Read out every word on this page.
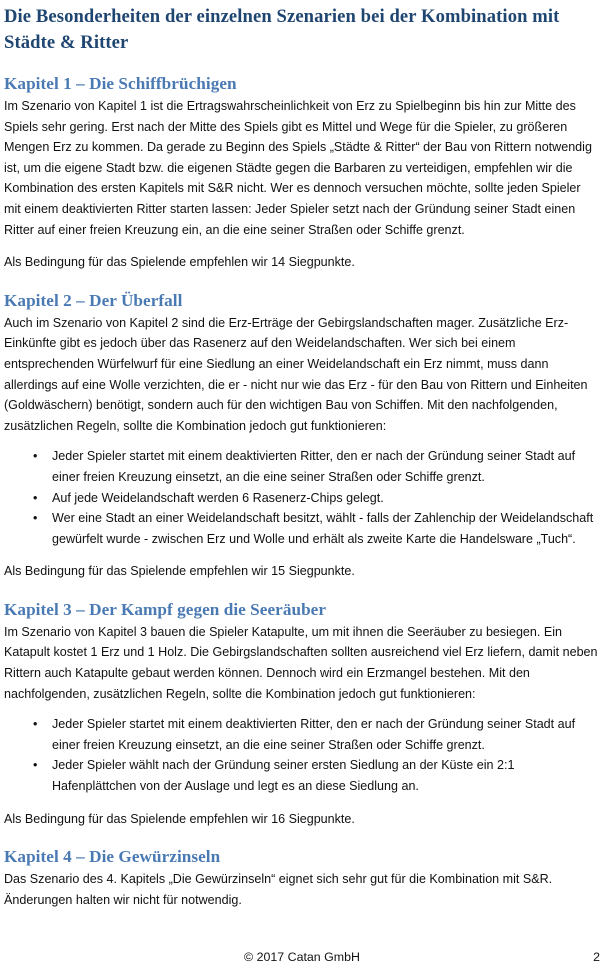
Die Besonderheiten der einzelnen Szenarien bei der Kombination mit Städte & Ritter
Kapitel 1 – Die Schiffbrüchigen

Im Szenario von Kapitel 1 ist die Ertragswahrscheinlichkeit von Erz zu Spielbeginn bis hin zur Mitte des Spiels sehr gering. Erst nach der Mitte des Spiels gibt es Mittel und Wege für die Spieler, zu größeren Mengen Erz zu kommen. Da gerade zu Beginn des Spiels „Städte & Ritter“ der Bau von Rittern notwendig ist, um die eigene Stadt bzw. die eigenen Städte gegen die Barbaren zu verteidigen, empfehlen wir die Kombination des ersten Kapitels mit S&R nicht. Wer es dennoch versuchen möchte, sollte jeden Spieler mit einem deaktivierten Ritter starten lassen: Jeder Spieler setzt nach der Gründung seiner Stadt einen Ritter auf einer freien Kreuzung ein, an die eine seiner Straßen oder Schiffe grenzt.

Als Bedingung für das Spielende empfehlen wir 14 Siegpunkte.

Kapitel 2 – Der Überfall

Auch im Szenario von Kapitel 2 sind die Erz-Erträge der Gebirgslandschaften mager. Zusätzliche Erz-Einkünfte gibt es jedoch über das Rasenerz auf den Weidelandschaften. Wer sich bei einem entsprechenden Würfelwurf für eine Siedlung an einer Weidelandschaft ein Erz nimmt, muss dann allerdings auf eine Wolle verzichten, die er - nicht nur wie das Erz - für den Bau von Rittern und Einheiten (Goldwäschern) benötigt, sondern auch für den wichtigen Bau von Schiffen. Mit den nachfolgenden, zusätzlichen Regeln, sollte die Kombination jedoch gut funktionieren:

• Jeder Spieler startet mit einem deaktivierten Ritter, den er nach der Gründung seiner Stadt auf einer freien Kreuzung einsetzt, an die eine seiner Straßen oder Schiffe grenzt.
• Auf jede Weidelandschaft werden 6 Rasenerz-Chips gelegt.
• Wer eine Stadt an einer Weidelandschaft besitzt, wählt - falls der Zahlenchip der Weidelandschaft gewürfelt wurde - zwischen Erz und Wolle und erhält als zweite Karte die Handelsware „Tuch“.

Als Bedingung für das Spielende empfehlen wir 15 Siegpunkte.

Kapitel 3 – Der Kampf gegen die Seeräuber

Im Szenario von Kapitel 3 bauen die Spieler Katapulte, um mit ihnen die Seeräuber zu besiegen. Ein Katapult kostet 1 Erz und 1 Holz. Die Gebirgslandschaften sollten ausreichend viel Erz liefern, damit neben Rittern auch Katapulte gebaut werden können. Dennoch wird ein Erzmangel bestehen. Mit den nachfolgenden, zusätzlichen Regeln, sollte die Kombination jedoch gut funktionieren:

• Jeder Spieler startet mit einem deaktivierten Ritter, den er nach der Gründung seiner Stadt auf einer freien Kreuzung einsetzt, an die eine seiner Straßen oder Schiffe grenzt.
• Jeder Spieler wählt nach der Gründung seiner ersten Siedlung an der Küste ein 2:1 Hafenplättchen von der Auslage und legt es an diese Siedlung an.

Als Bedingung für das Spielende empfehlen wir 16 Siegpunkte.

Kapitel 4 – Die Gewürzinseln

Das Szenario des 4. Kapitels „Die Gewürzinseln“ eignet sich sehr gut für die Kombination mit S&R. Änderungen halten wir nicht für notwendig.

© 2017 Catan GmbH	2
